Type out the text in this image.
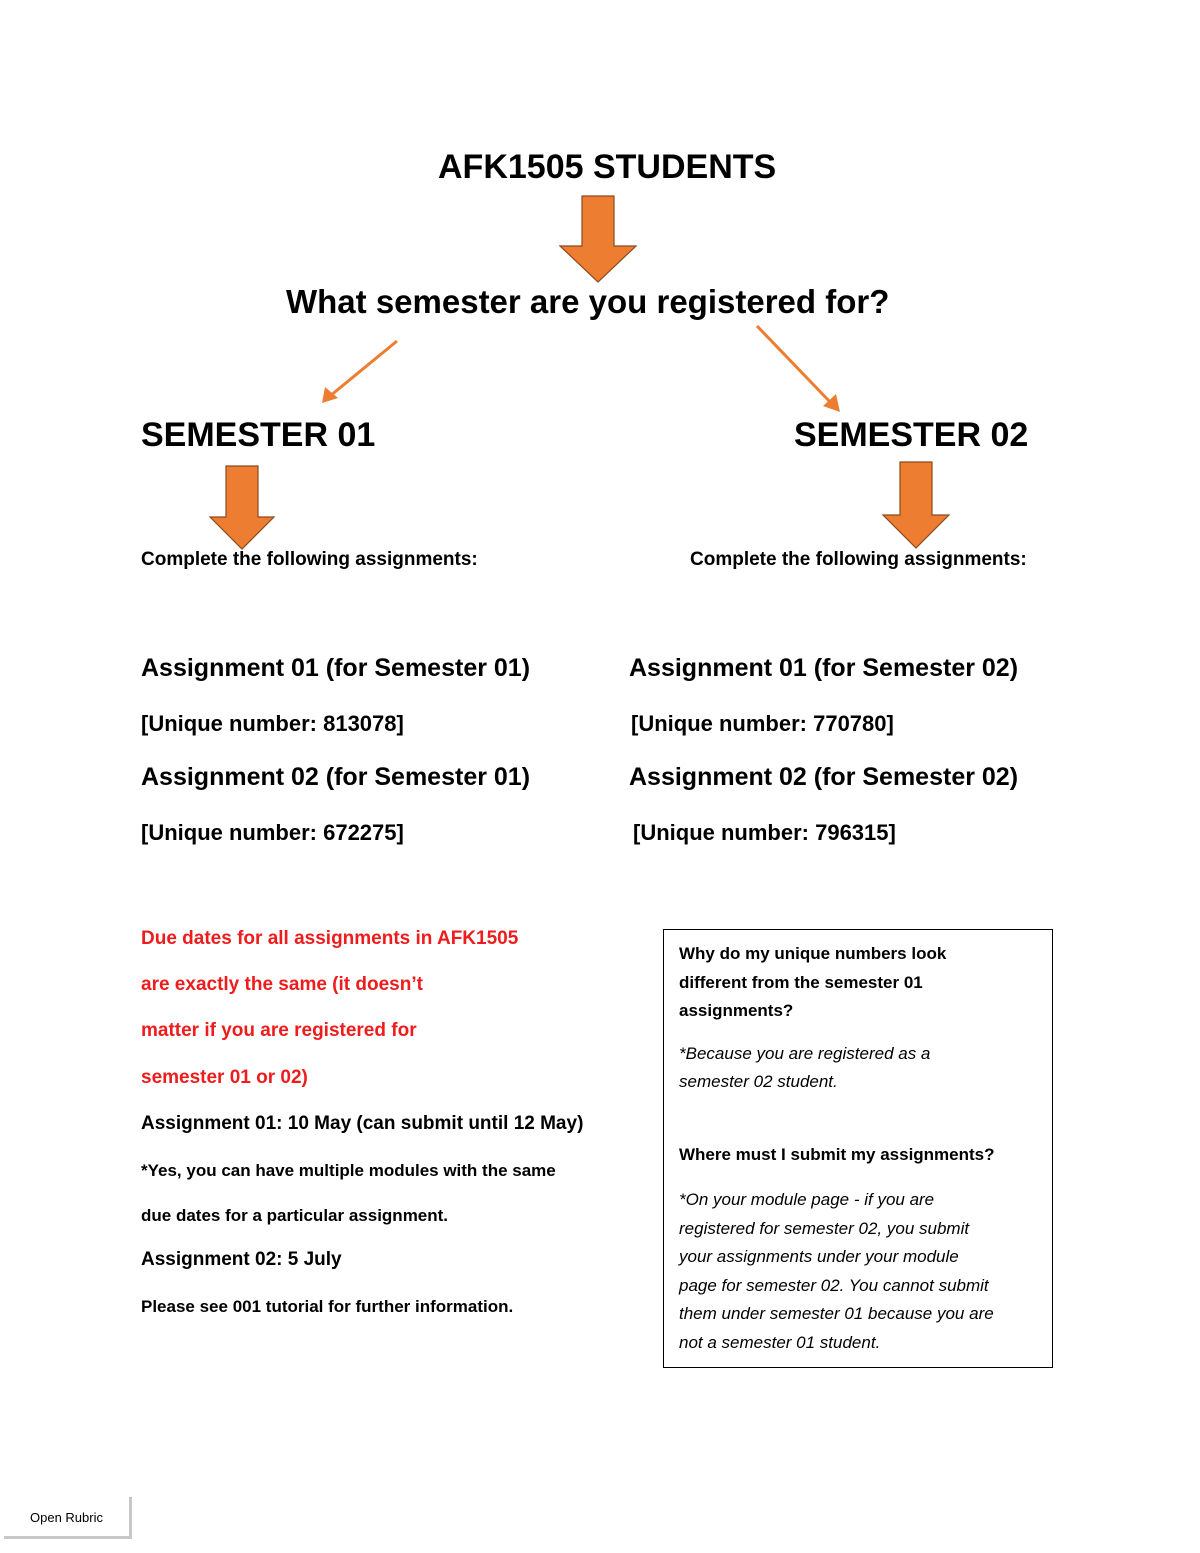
AFK1505 STUDENTS
What semester are you registered for?
SEMESTER 01	SEMESTER 02
Complete the following assignments:	Complete the following assignments:
Assignment 01 (for Semester 01)
[Unique number: 813078]
Assignment 02 (for Semester 01)
[Unique number: 672275]
Assignment 01 (for Semester 02)
[Unique number: 770780]
Assignment 02 (for Semester 02)
[Unique number: 796315]
Due dates for all assignments in AFK1505
are exactly the same (it doesn’t
matter if you are registered for
semester 01 or 02)
Assignment 01: 10 May (can submit until 12 May)
*Yes, you can have multiple modules with the same
due dates for a particular assignment.
Assignment 02: 5 July
Please see 001 tutorial for further information.

Why do my unique numbers look

different from the semester 01

assignments?

*Because you are registered as a

semester 02 student.

Where must I submit my assignments?

*On your module page - if you are

registered for semester 02, you submit

your assignments under your module

page for semester 02. You cannot submit

them under semester 01 because you are

not a semester 01 student.

Open Rubric
